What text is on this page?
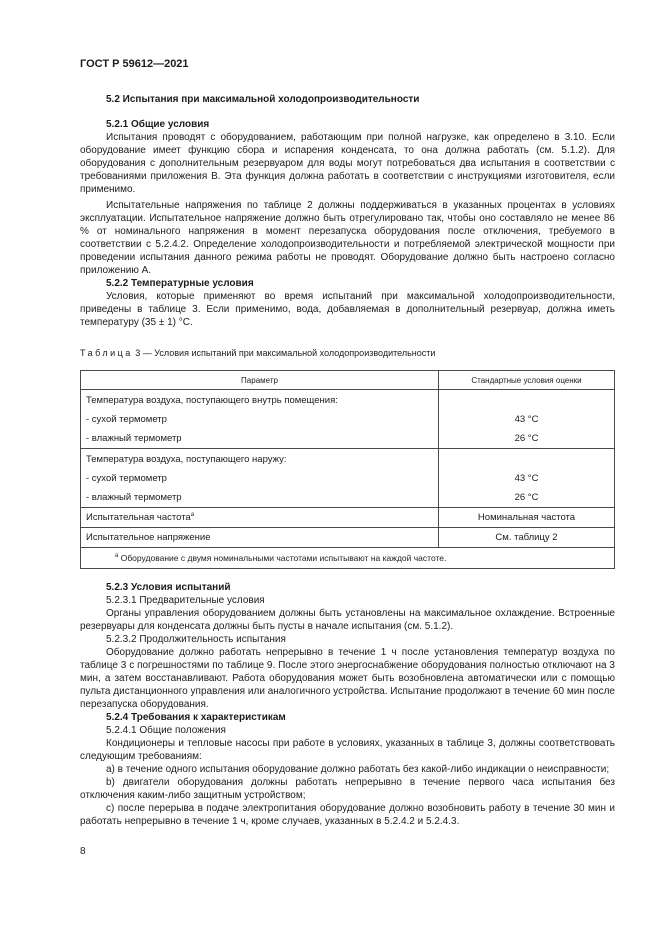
ГОСТ Р 59612—2021

5.2 Испытания при максимальной холодопроизводительности

5.2.1 Общие условия

Испытания проводят с оборудованием, работающим при полной нагрузке, как определено в 3.10. Если оборудование имеет функцию сбора и испарения конденсата, то она должна работать (см. 5.1.2). Для оборудования с дополнительным резервуаром для воды могут потребоваться два испытания в соответствии с требованиями приложения В. Эта функция должна работать в соответствии с инструкциями изготовителя, если применимо.

Испытательные напряжения по таблице 2 должны поддерживаться в указанных процентах в условиях эксплуатации. Испытательное напряжение должно быть отрегулировано так, чтобы оно составляло не менее 86 % от номинального напряжения в момент перезапуска оборудования после отключения, требуемого в соответствии с 5.2.4.2. Определение холодопроизводительности и потребляемой электрической мощности при проведении испытания данного режима работы не проводят. Оборудование должно быть настроено согласно приложению А.

5.2.2 Температурные условия

Условия, которые применяют во время испытаний при максимальной холодопроизводительности, приведены в таблице 3. Если применимо, вода, добавляемая в дополнительный резервуар, должна иметь температуру (35 ± 1) °С.

Таблица 3 — Условия испытаний при максимальной холодопроизводительности

Параметр	Стандартные условия оценки
Температура воздуха, поступающего внутрь помещения:	
- сухой термометр	43 °С
- влажный термометр	26 °С
Температура воздуха, поступающего наружу:	
- сухой термометр	43 °С
- влажный термометр	26 °С
Испытательная частота$^a$	Номинальная частота
Испытательное напряжение	См. таблицу 2
$^a$ Оборудование с двумя номинальными частотами испытывают на каждой частоте.	

5.2.3 Условия испытаний

5.2.3.1 Предварительные условия

Органы управления оборудованием должны быть установлены на максимальное охлаждение. Встроенные резервуары для конденсата должны быть пусты в начале испытания (см. 5.1.2).

5.2.3.2 Продолжительность испытания

Оборудование должно работать непрерывно в течение 1 ч после установления температур воздуха по таблице 3 с погрешностями по таблице 9. После этого энергоснабжение оборудования полностью отключают на 3 мин, а затем восстанавливают. Работа оборудования может быть возобновлена автоматически или с помощью пульта дистанционного управления или аналогичного устройства. Испытание продолжают в течение 60 мин после перезапуска оборудования.

5.2.4 Требования к характеристикам

5.2.4.1 Общие положения

Кондиционеры и тепловые насосы при работе в условиях, указанных в таблице 3, должны соответствовать следующим требованиям:

a) в течение одного испытания оборудование должно работать без какой-либо индикации о неисправности;

b) двигатели оборудования должны работать непрерывно в течение первого часа испытания без отключения каким-либо защитным устройством;

c) после перерыва в подаче электропитания оборудование должно возобновить работу в течение 30 мин и работать непрерывно в течение 1 ч, кроме случаев, указанных в 5.2.4.2 и 5.2.4.3.

8
